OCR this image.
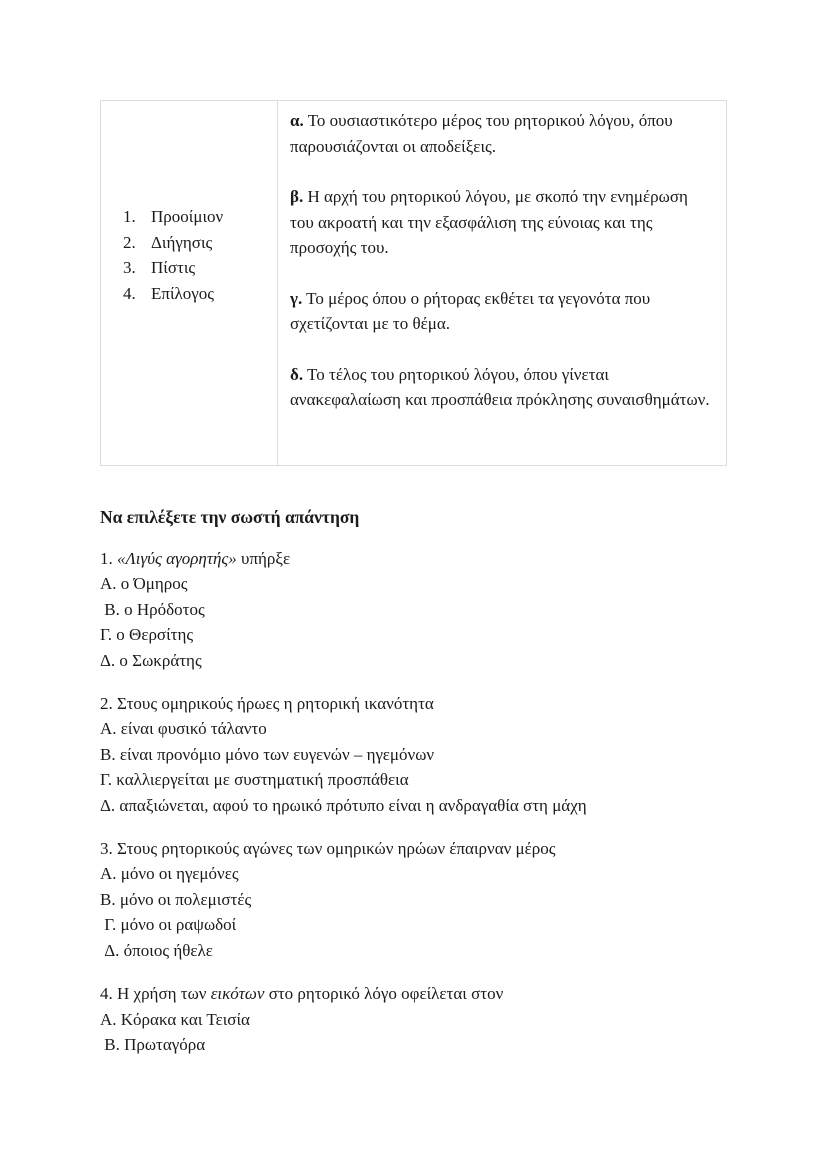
1. Προοίμιον
2. Διήγησις
3. Πίστις
4. Επίλογος

α. Το ουσιαστικότερο μέρος του ρητορικού λόγου, όπου παρουσιάζονται οι αποδείξεις.

β. Η αρχή του ρητορικού λόγου, με σκοπό την ενημέρωση του ακροατή και την εξασφάλιση της εύνοιας και της προσοχής του.

γ. Το μέρος όπου ο ρήτορας εκθέτει τα γεγονότα που σχετίζονται με το θέμα.

δ. Το τέλος του ρητορικού λόγου, όπου γίνεται ανακεφαλαίωση και προσπάθεια πρόκλησης συναισθημάτων.

Να επιλέξετε την σωστή απάντηση

1. «Λιγύς αγορητής» υπήρξε

Α. ο Όμηρος

Β. ο Ηρόδοτος

Γ. ο Θερσίτης

Δ. ο Σωκράτης

2. Στους ομηρικούς ήρωες η ρητορική ικανότητα

Α. είναι φυσικό τάλαντο

Β. είναι προνόμιο μόνο των ευγενών – ηγεμόνων

Γ. καλλιεργείται με συστηματική προσπάθεια

Δ. απαξιώνεται, αφού το ηρωικό πρότυπο είναι η ανδραγαθία στη μάχη

3. Στους ρητορικούς αγώνες των ομηρικών ηρώων έπαιρναν μέρος

Α. μόνο οι ηγεμόνες

Β. μόνο οι πολεμιστές

Γ. μόνο οι ραψωδοί

Δ. όποιος ήθελε

4. Η χρήση των εικότων στο ρητορικό λόγο οφείλεται στον

Α. Κόρακα και Τεισία

Β. Πρωταγόρα
